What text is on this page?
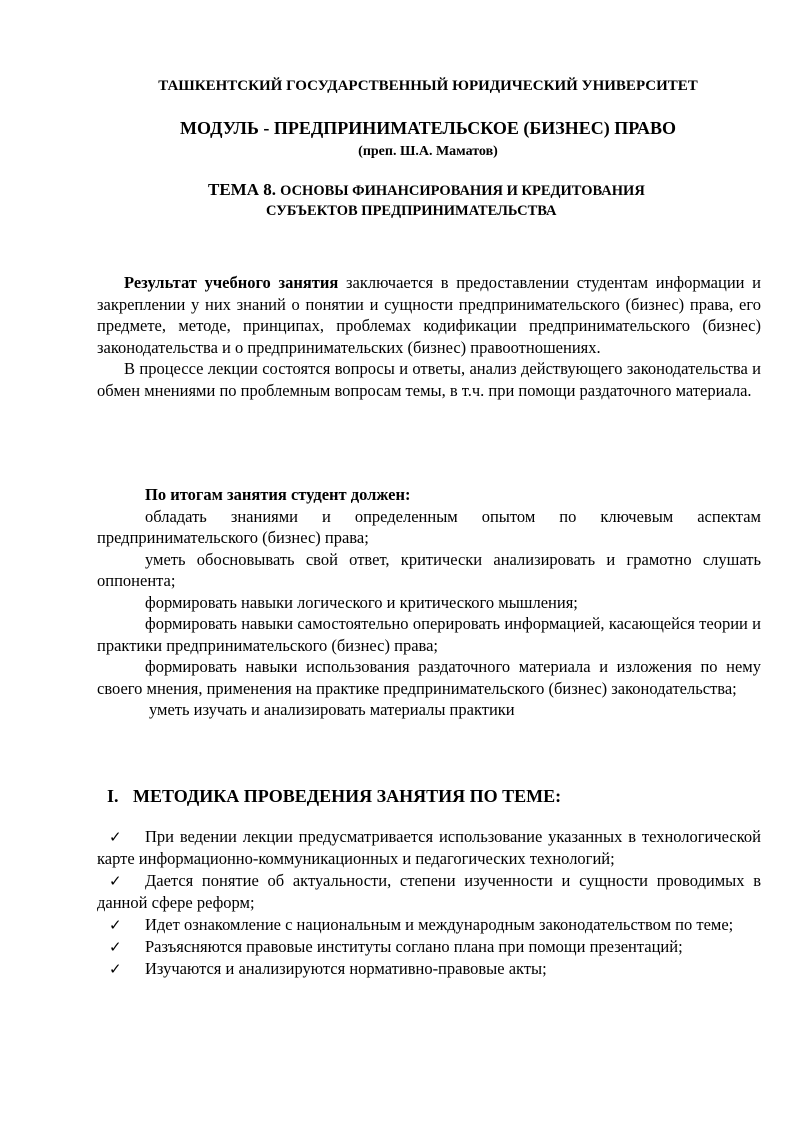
ТАШКЕНТСКИЙ ГОСУДАРСТВЕННЫЙ ЮРИДИЧЕСКИЙ УНИВЕРСИТЕТ
МОДУЛЬ - ПРЕДПРИНИМАТЕЛЬСКОЕ (БИЗНЕС) ПРАВО
(преп. Ш.А. Маматов)
ТЕМА 8. ОСНОВЫ ФИНАНСИРОВАНИЯ И КРЕДИТОВАНИЯ
СУБЪЕКТОВ ПРЕДПРИНИМАТЕЛЬСТВА

Результат учебного занятия заключается в предоставлении студентам информации и закреплении у них знаний о понятии и сущности предпринимательского (бизнес) права, его предмете, методе, принципах, проблемах кодификации предпринимательского (бизнес) законодательства и о предпринимательских (бизнес) правоотношениях.

В процессе лекции состоятся вопросы и ответы, анализ действующего законодательства и обмен мнениями по проблемным вопросам темы, в т.ч. при помощи раздаточного материала.

По итогам занятия студент должен:

обладать знаниями и определенным опытом по ключевым аспектам предпринимательского (бизнес) права;

уметь обосновывать свой ответ, критически анализировать и грамотно слушать оппонента;

формировать навыки логического и критического мышления;

формировать навыки самостоятельно оперировать информацией, касающейся теории и практики предпринимательского (бизнес) права;

формировать навыки использования раздаточного материала и изложения по нему своего мнения, применения на практике предпринимательского (бизнес) законодательства;

уметь изучать и анализировать материалы практики

I. МЕТОДИКА ПРОВЕДЕНИЯ ЗАНЯТИЯ ПО ТЕМЕ:
✓ При ведении лекции предусматривается использование указанных в технологической карте информационно-коммуникационных и педагогических технологий;
✓ Дается понятие об актуальности, степени изученности и сущности проводимых в данной сфере реформ;
✓ Идет ознакомление с национальным и международным законодательством по теме;
✓ Разъясняются правовые институты соглано плана при помощи презентаций;
✓ Изучаются и анализируются нормативно-правовые акты;
